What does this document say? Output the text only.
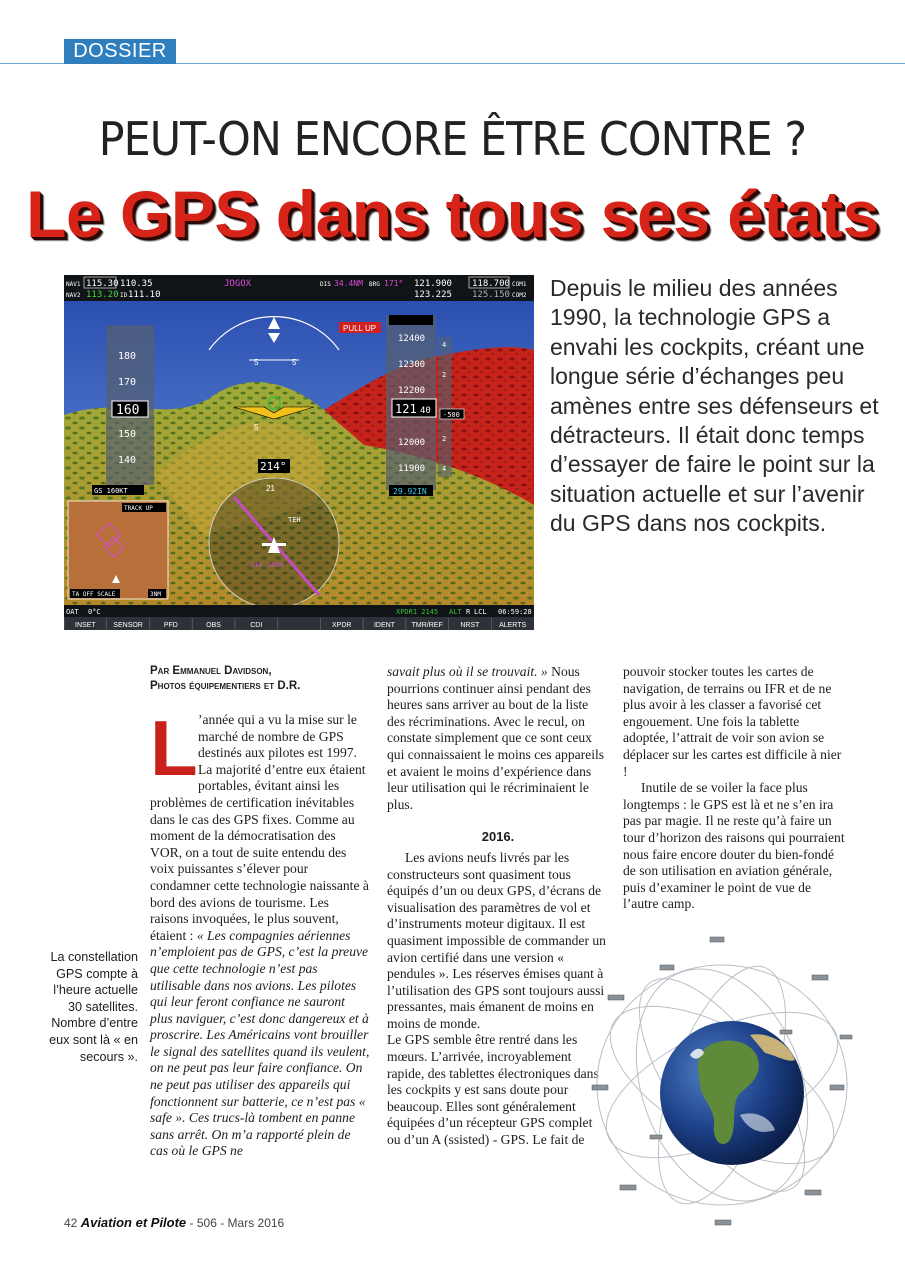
DOSSIER
PEUT-ON ENCORE ÊTRE CONTRE ?
Le GPS dans tous ses états
NAV1 115.30 110.35
NAV2 113.20 ID 111.10
JOGOX	DIS 34.4NM BRG 171° 121.900 118.700 COM1
123.225 125.150 COM2
5	5
5
PULL UP
180
170
150
140
160
GS 160KT
12400
12300
12200
12000
11900
4
2
2
4
121 40 -500
29.92IN
214°
21
TEH
214 1BSM
TRACK UP
TA OFF SCALE	3NM
OAT 0°C	XPDR1 2145 ALT R LCL 06:59:28
INSET	SENSOR	PFD	OBS	CDI	XPDR	IDENT TMR/REF	NRST	ALERTS
Depuis le milieu des années 1990, la technologie GPS a envahi les cockpits, créant une longue série d’échanges peu amènes entre ses défenseurs et détracteurs. Il était donc temps d’essayer de faire le point sur la situation actuelle et sur l’avenir du GPS dans nos cockpits.
Par Emmanuel Davidson,
Photos équipementiers et D.R.
L ’année qui a vu la mise sur le marché de nombre de GPS destinés aux pilotes est 1997. La majorité d’entre eux étaient portables, évitant ainsi les problèmes de certification inévitables dans le cas des GPS fixes. Comme au moment de la démocratisation des VOR, on a tout de suite entendu des voix puissantes s’élever pour condamner cette technologie naissante à bord des avions de tourisme. Les raisons invoquées, le plus souvent, étaient : « Les compagnies aériennes n’emploient pas de GPS, c’est la preuve que cette technologie n’est pas utilisable dans nos avions. Les pilotes qui leur feront confiance ne sauront plus naviguer, c’est donc dangereux et à proscrire. Les Américains vont brouiller le signal des satellites quand ils veulent, on ne peut pas leur faire confiance. On ne peut pas utiliser des appareils qui fonctionnent sur batterie, ce n’est pas « safe ». Ces trucs-là tombent en panne sans arrêt. On m’a rapporté plein de cas où le GPS ne

savait plus où il se trouvait. » Nous pourrions continuer ainsi pendant des heures sans arriver au bout de la liste des récriminations. Avec le recul, on constate simplement que ce sont ceux qui connaissaient le moins ces appareils et avaient le moins d’expérience dans leur utilisation qui le récriminaient le plus.

2016.

Les avions neufs livrés par les constructeurs sont quasiment tous équipés d’un ou deux GPS, d’écrans de visualisation des paramètres de vol et d’instruments moteur digitaux. Il est quasiment impossible de commander un avion certifié dans une version « pendules ». Les réserves émises quant à l’utilisation des GPS sont toujours aussi pressantes, mais émanent de moins en moins de monde.

Le GPS semble être rentré dans les mœurs. L’arrivée, incroyablement rapide, des tablettes électroniques dans les cockpits y est sans doute pour beaucoup. Elles sont généralement équipées d’un récepteur GPS complet ou d’un A (ssisted) - GPS. Le fait de

pouvoir stocker toutes les cartes de navigation, de terrains ou IFR et de ne plus avoir à les classer a favorisé cet engouement. Une fois la tablette adoptée, l’attrait de voir son avion se déplacer sur les cartes est difficile à nier !

Inutile de se voiler la face plus longtemps : le GPS est là et ne s’en ira pas par magie. Il ne reste qu’à faire un tour d’horizon des raisons qui pourraient nous faire encore douter du bien-fondé de son utilisation en aviation générale, puis d’examiner le point de vue de l’autre camp.

La constellation GPS compte à l’heure actuelle 30 satellites. Nombre d’entre eux sont là « en secours ».
42 Aviation et Pilote - 506 - Mars 2016
